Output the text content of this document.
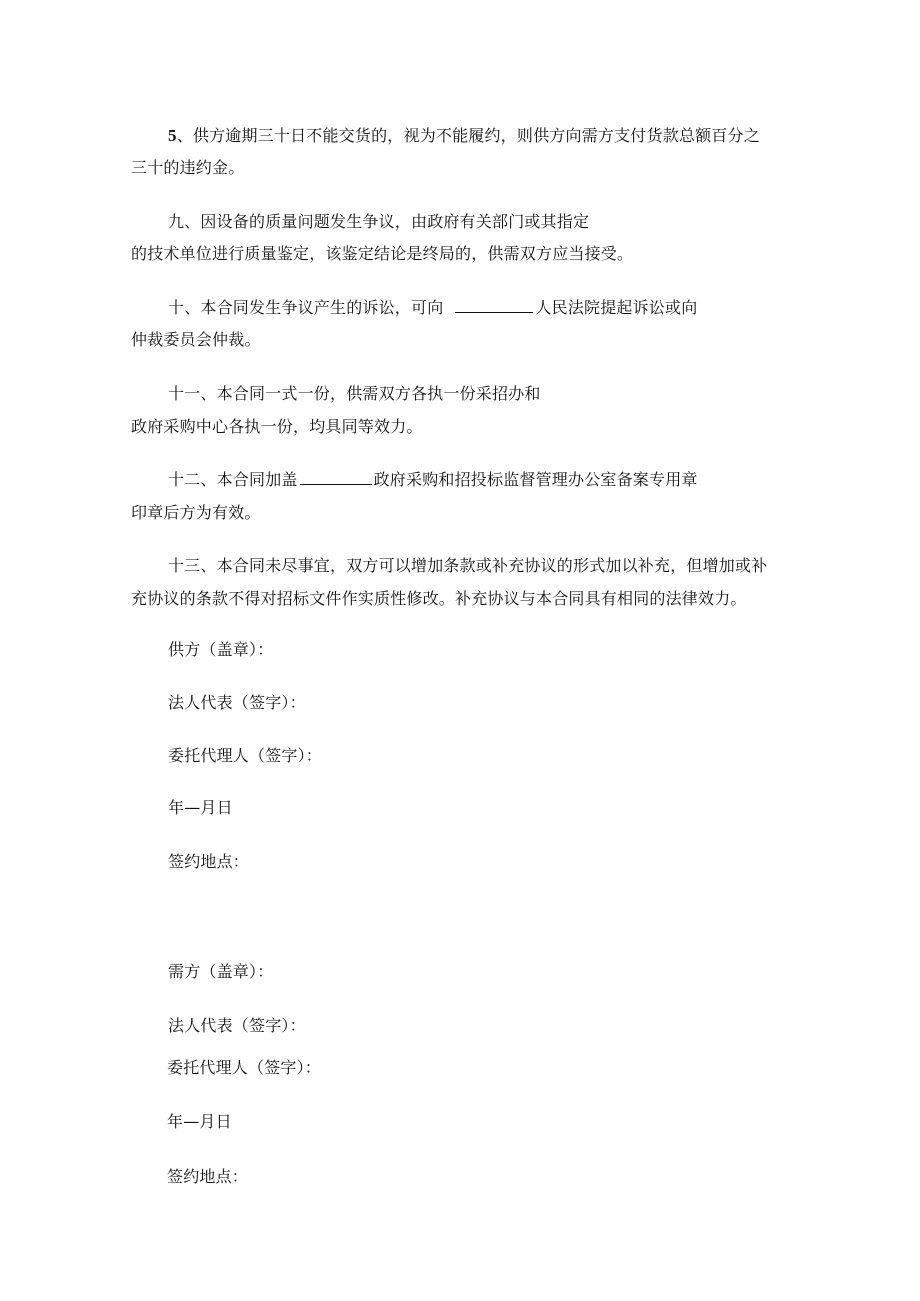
5、供方逾期三十日不能交货的，视为不能履约，则供方向需方支付货款总额百分之
三十的违约金。
九、因设备的质量问题发生争议，由政府有关部门或其指定
的技术单位进行质量鉴定，该鉴定结论是终局的，供需双方应当接受。
十、本合同发生争议产生的诉讼，可向	人民法院提起诉讼或向
仲裁委员会仲裁。
十一、本合同一式一份，供需双方各执一份采招办和
政府采购中心各执一份，均具同等效力。
十二、本合同加盖	政府采购和招投标监督管理办公室备案专用章
印章后方为有效。
十三、本合同未尽事宜，双方可以增加条款或补充协议的形式加以补充，但增加或补
充协议的条款不得对招标文件作实质性修改。补充协议与本合同具有相同的法律效力。
供方（盖章）：
法人代表（签字）：
委托代理人（签字）：
年—月日
签约地点：
需方（盖章）：
法人代表（签字）：
委托代理人（签字）：
年—月日
签约地点：
